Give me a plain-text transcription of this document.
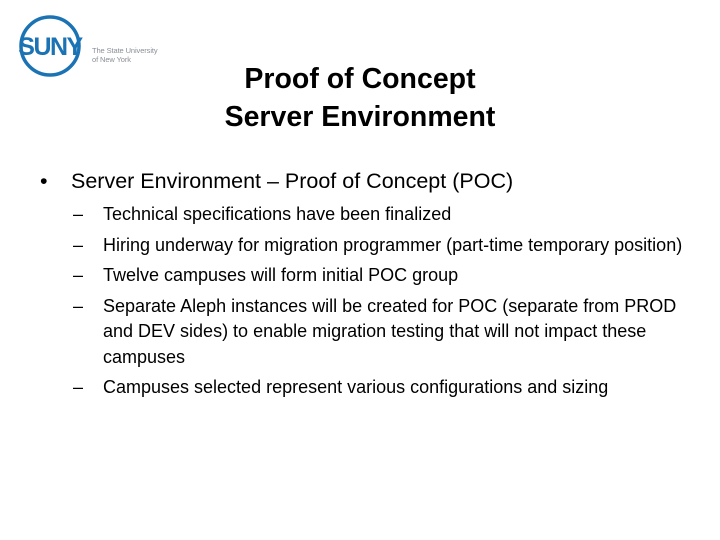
SUNY The State University
of New York
Proof of Concept
Server Environment
• Server Environment – Proof of Concept (POC)
– Technical specifications have been finalized
– Hiring underway for migration programmer (part-time temporary position)
– Twelve campuses will form initial POC group
– Separate Aleph instances will be created for POC (separate from PROD and DEV sides) to enable migration testing that will not impact these campuses
– Campuses selected represent various configurations and sizing
